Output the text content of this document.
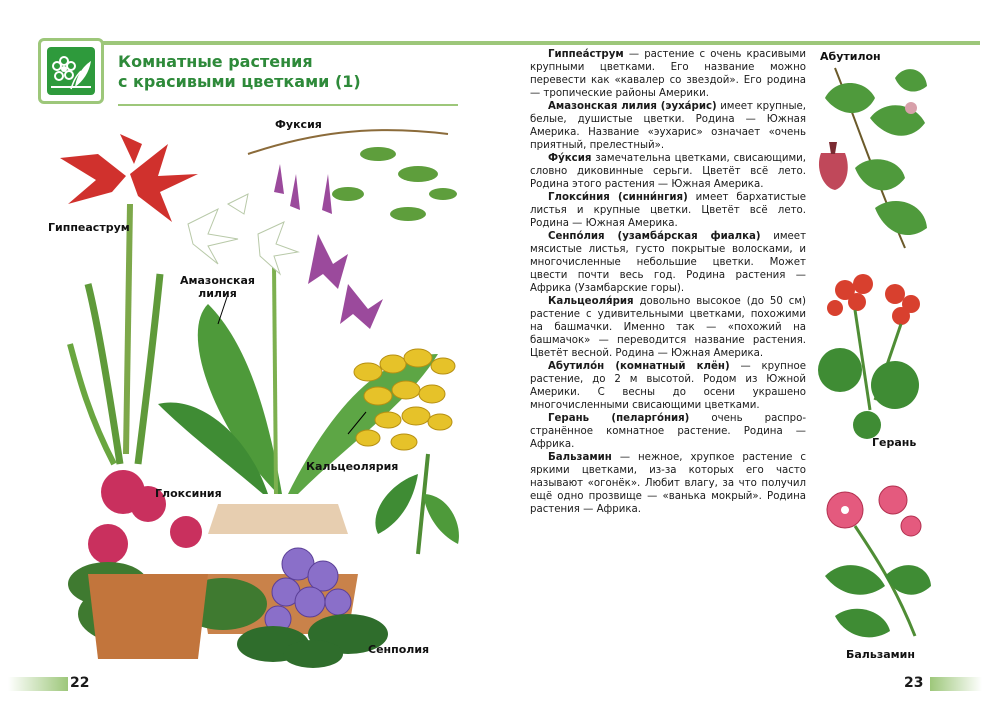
Комнатные растения
с красивыми цветками (1)
Гиппеаструм
Фуксия
Амазонская
лилия
Кальцеолярия
Глоксиния
Сенполия

Гиппеа́струм — растение с очень красивыми крупными цветками. Его название можно перевести как «кавалер со звездой». Его родина — тропические районы Америки.

Амазонская лилия (эуха́рис) имеет крупные, белые, душистые цветки. Родина — Южная Америка. Название «эухарис» означает «очень приятный, прелестный».

Фу́ксия замечательна цветками, свисающими, словно диковинные серьги. Цветёт всё лето. Родина этого растения — Южная Америка.

Глокси́ния (синни́нгия) имеет бархатистые листья и крупные цветки. Цветёт всё лето. Родина — Южная Америка.

Сенпо́лия (узамба́рская фиалка) имеет мясистые листья, густо покрытые волосками, и многочисленные небольшие цветки. Может цвести почти весь год. Родина растения — Африка (Узамбарские горы).

Кальцеоля́рия довольно высокое (до 50 см) растение с удивительными цветками, похожими на башмачки. Именно так — «похожий на башмачок» — переводится название растения. Цветёт весной. Родина — Южная Америка.

Абутило́н (комнатный клён) — крупное растение, до 2 м высотой. Родом из Южной Америки. С весны до осени украшено многочисленными свисающими цветками.

Герань (пеларго́ния) очень распространённое комнатное растение. Родина — Африка.

Бальзамин — нежное, хрупкое растение с яркими цветками, из-за которых его часто называют «огонёк». Любит влагу, за что получил ещё одно прозвище — «ванька мокрый». Родина растения — Африка.

Абутилон
Герань
Бальзамин
22	23
